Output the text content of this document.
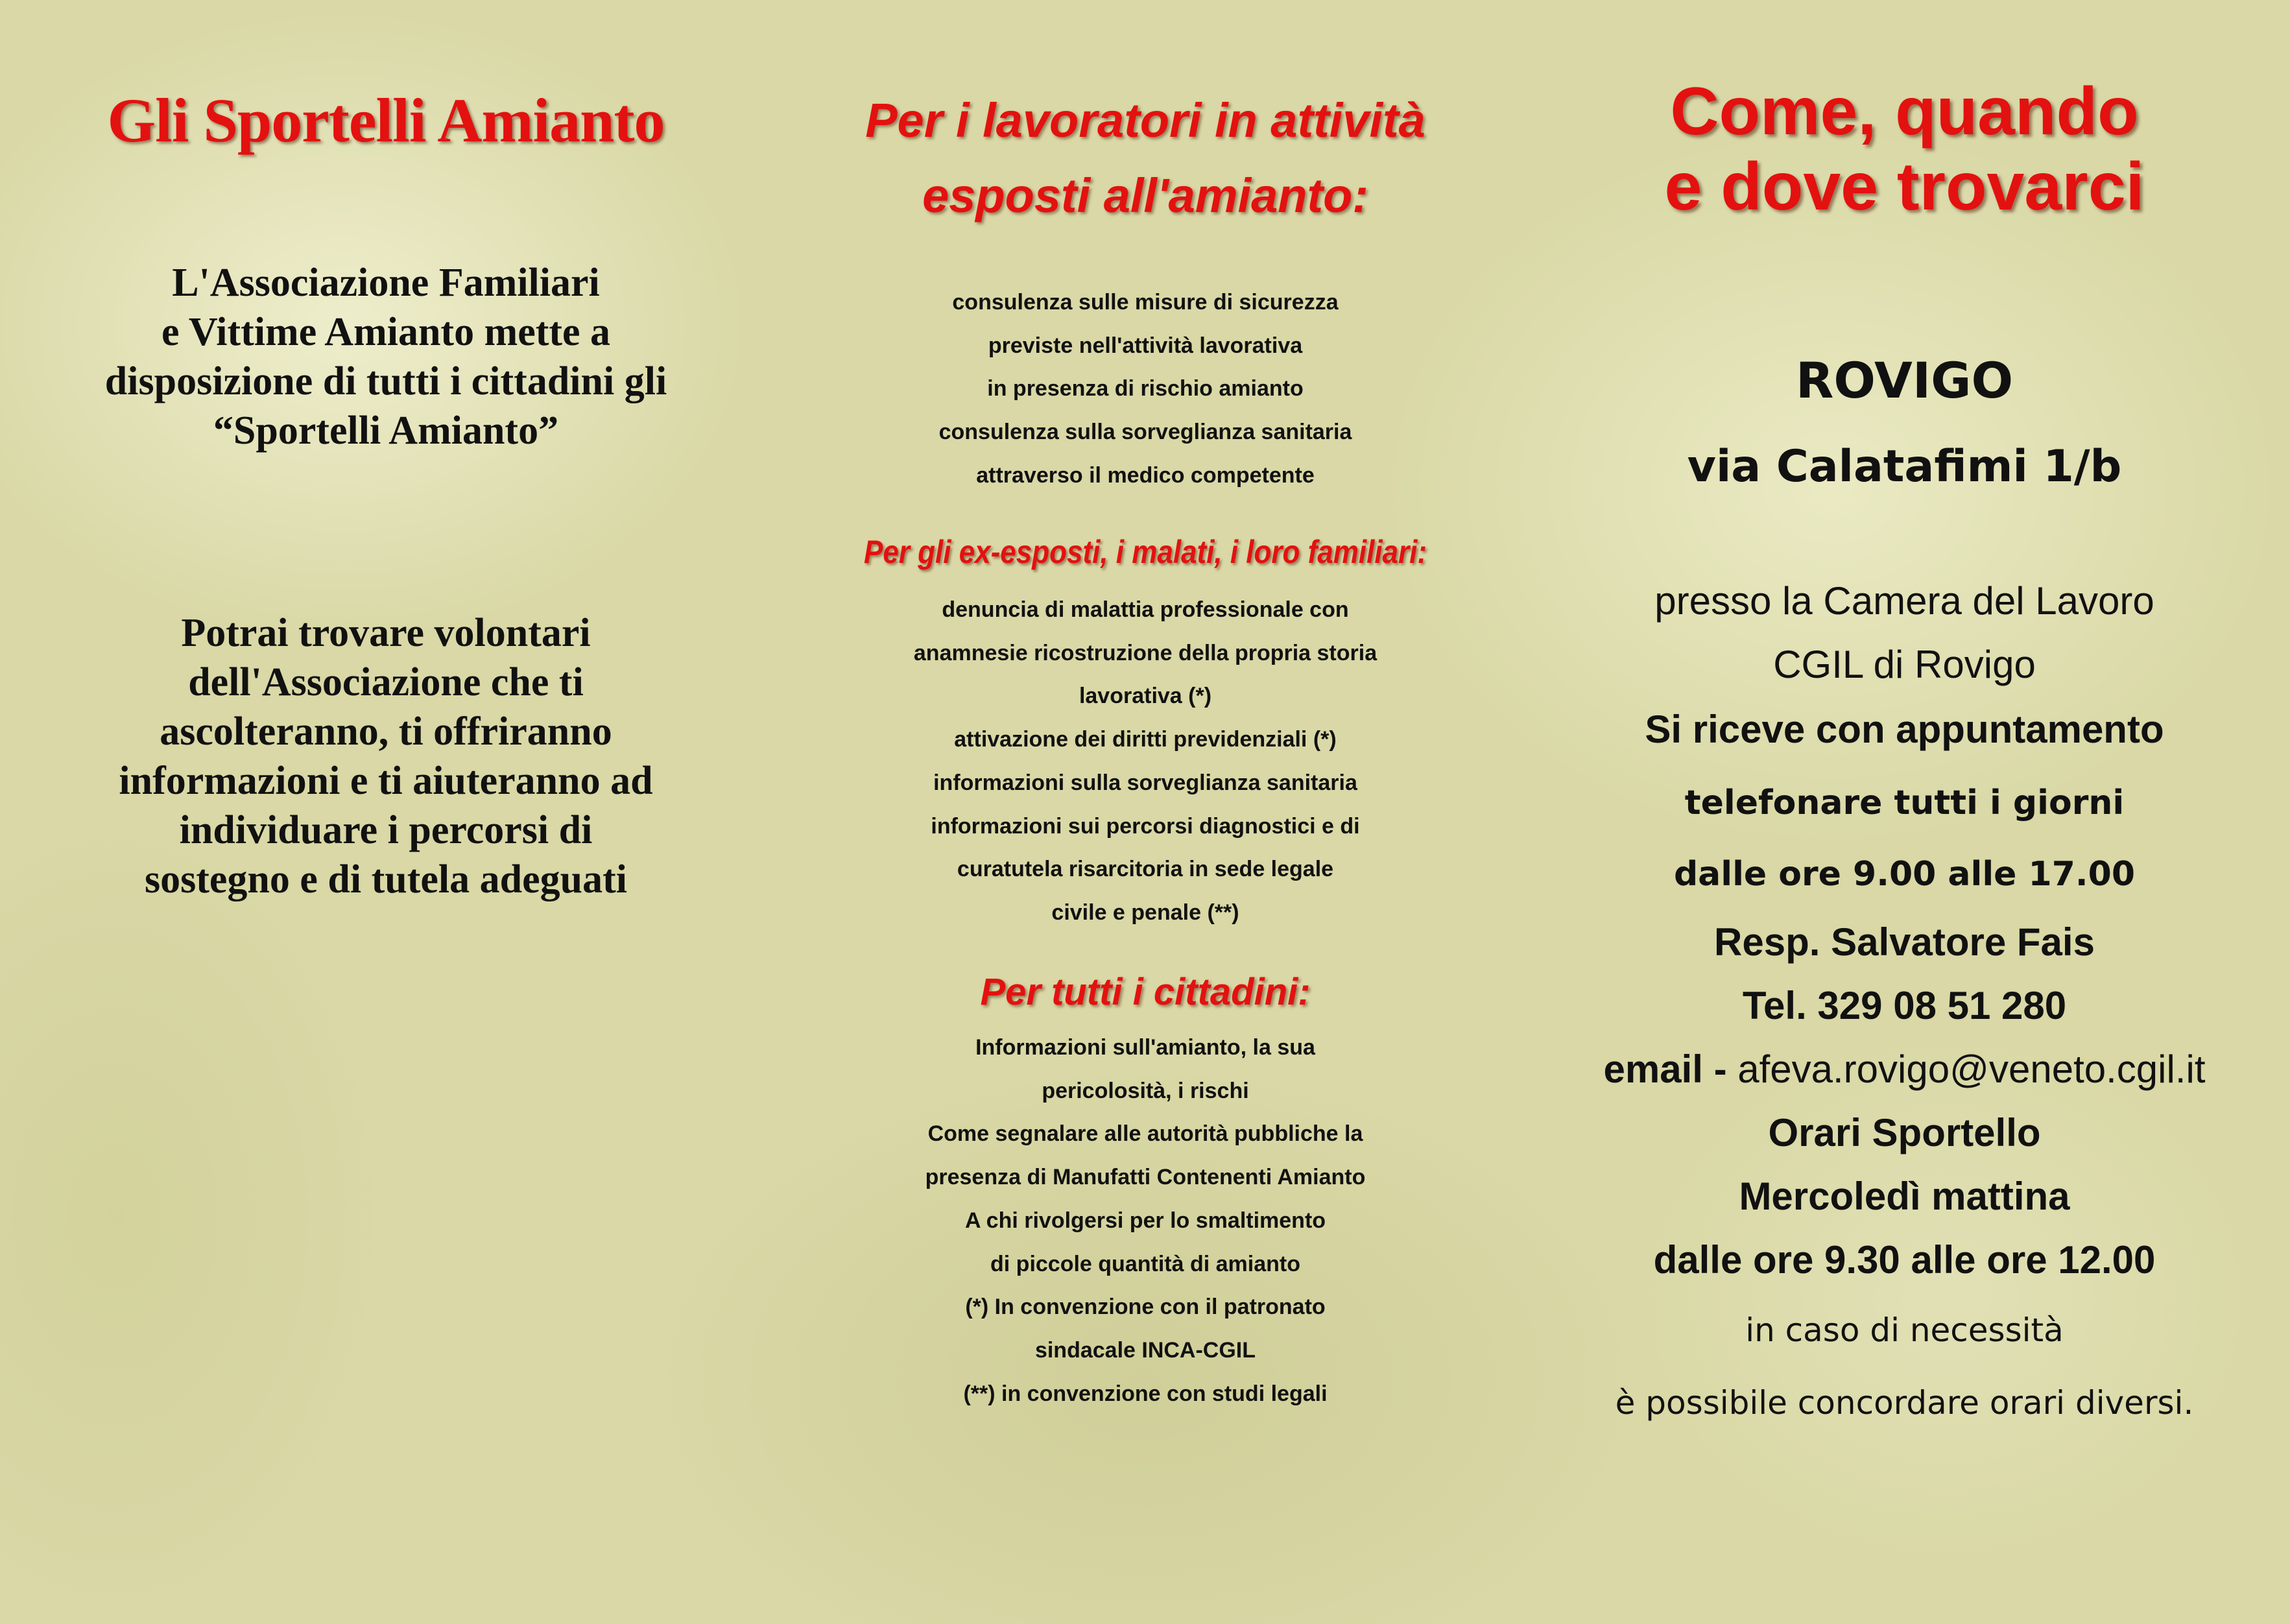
Gli Sportelli Amianto
L'Associazione Familiari
e Vittime Amianto mette a
disposizione di tutti i cittadini gli
“Sportelli Amianto”
Potrai trovare volontari
dell'Associazione che ti
ascolteranno, ti offriranno
informazioni e ti aiuteranno ad
individuare i percorsi di
sostegno e di tutela adeguati
Per i lavoratori in attività
esposti all'amianto:
consulenza sulle misure di sicurezza
previste nell'attività lavorativa
in presenza di rischio amianto
consulenza sulla sorveglianza sanitaria
attraverso il medico competente
Per gli ex-esposti, i malati, i loro familiari:
denuncia di malattia professionale con
anamnesie ricostruzione della propria storia
lavorativa (*)
attivazione dei diritti previdenziali (*)
informazioni sulla sorveglianza sanitaria
informazioni sui percorsi diagnostici e di
curatutela risarcitoria in sede legale
civile e penale (**)
Per tutti i cittadini:
Informazioni sull'amianto, la sua
pericolosità, i rischi
Come segnalare alle autorità pubbliche la
presenza di Manufatti Contenenti Amianto
A chi rivolgersi per lo smaltimento
di piccole quantità di amianto
(*) In convenzione con il patronato
sindacale INCA-CGIL
(**) in convenzione con studi legali
Come, quando
e dove trovarci
ROVIGO
via Calatafimi 1/b
presso la Camera del Lavoro
CGIL di Rovigo
Si riceve con appuntamento
telefonare tutti i giorni
dalle ore 9.00 alle 17.00
Resp. Salvatore Fais
Tel. 329 08 51 280
email - afeva.rovigo@veneto.cgil.it
Orari Sportello
Mercoledì mattina
dalle ore 9.30 alle ore 12.00
in caso di necessità
è possibile concordare orari diversi.
